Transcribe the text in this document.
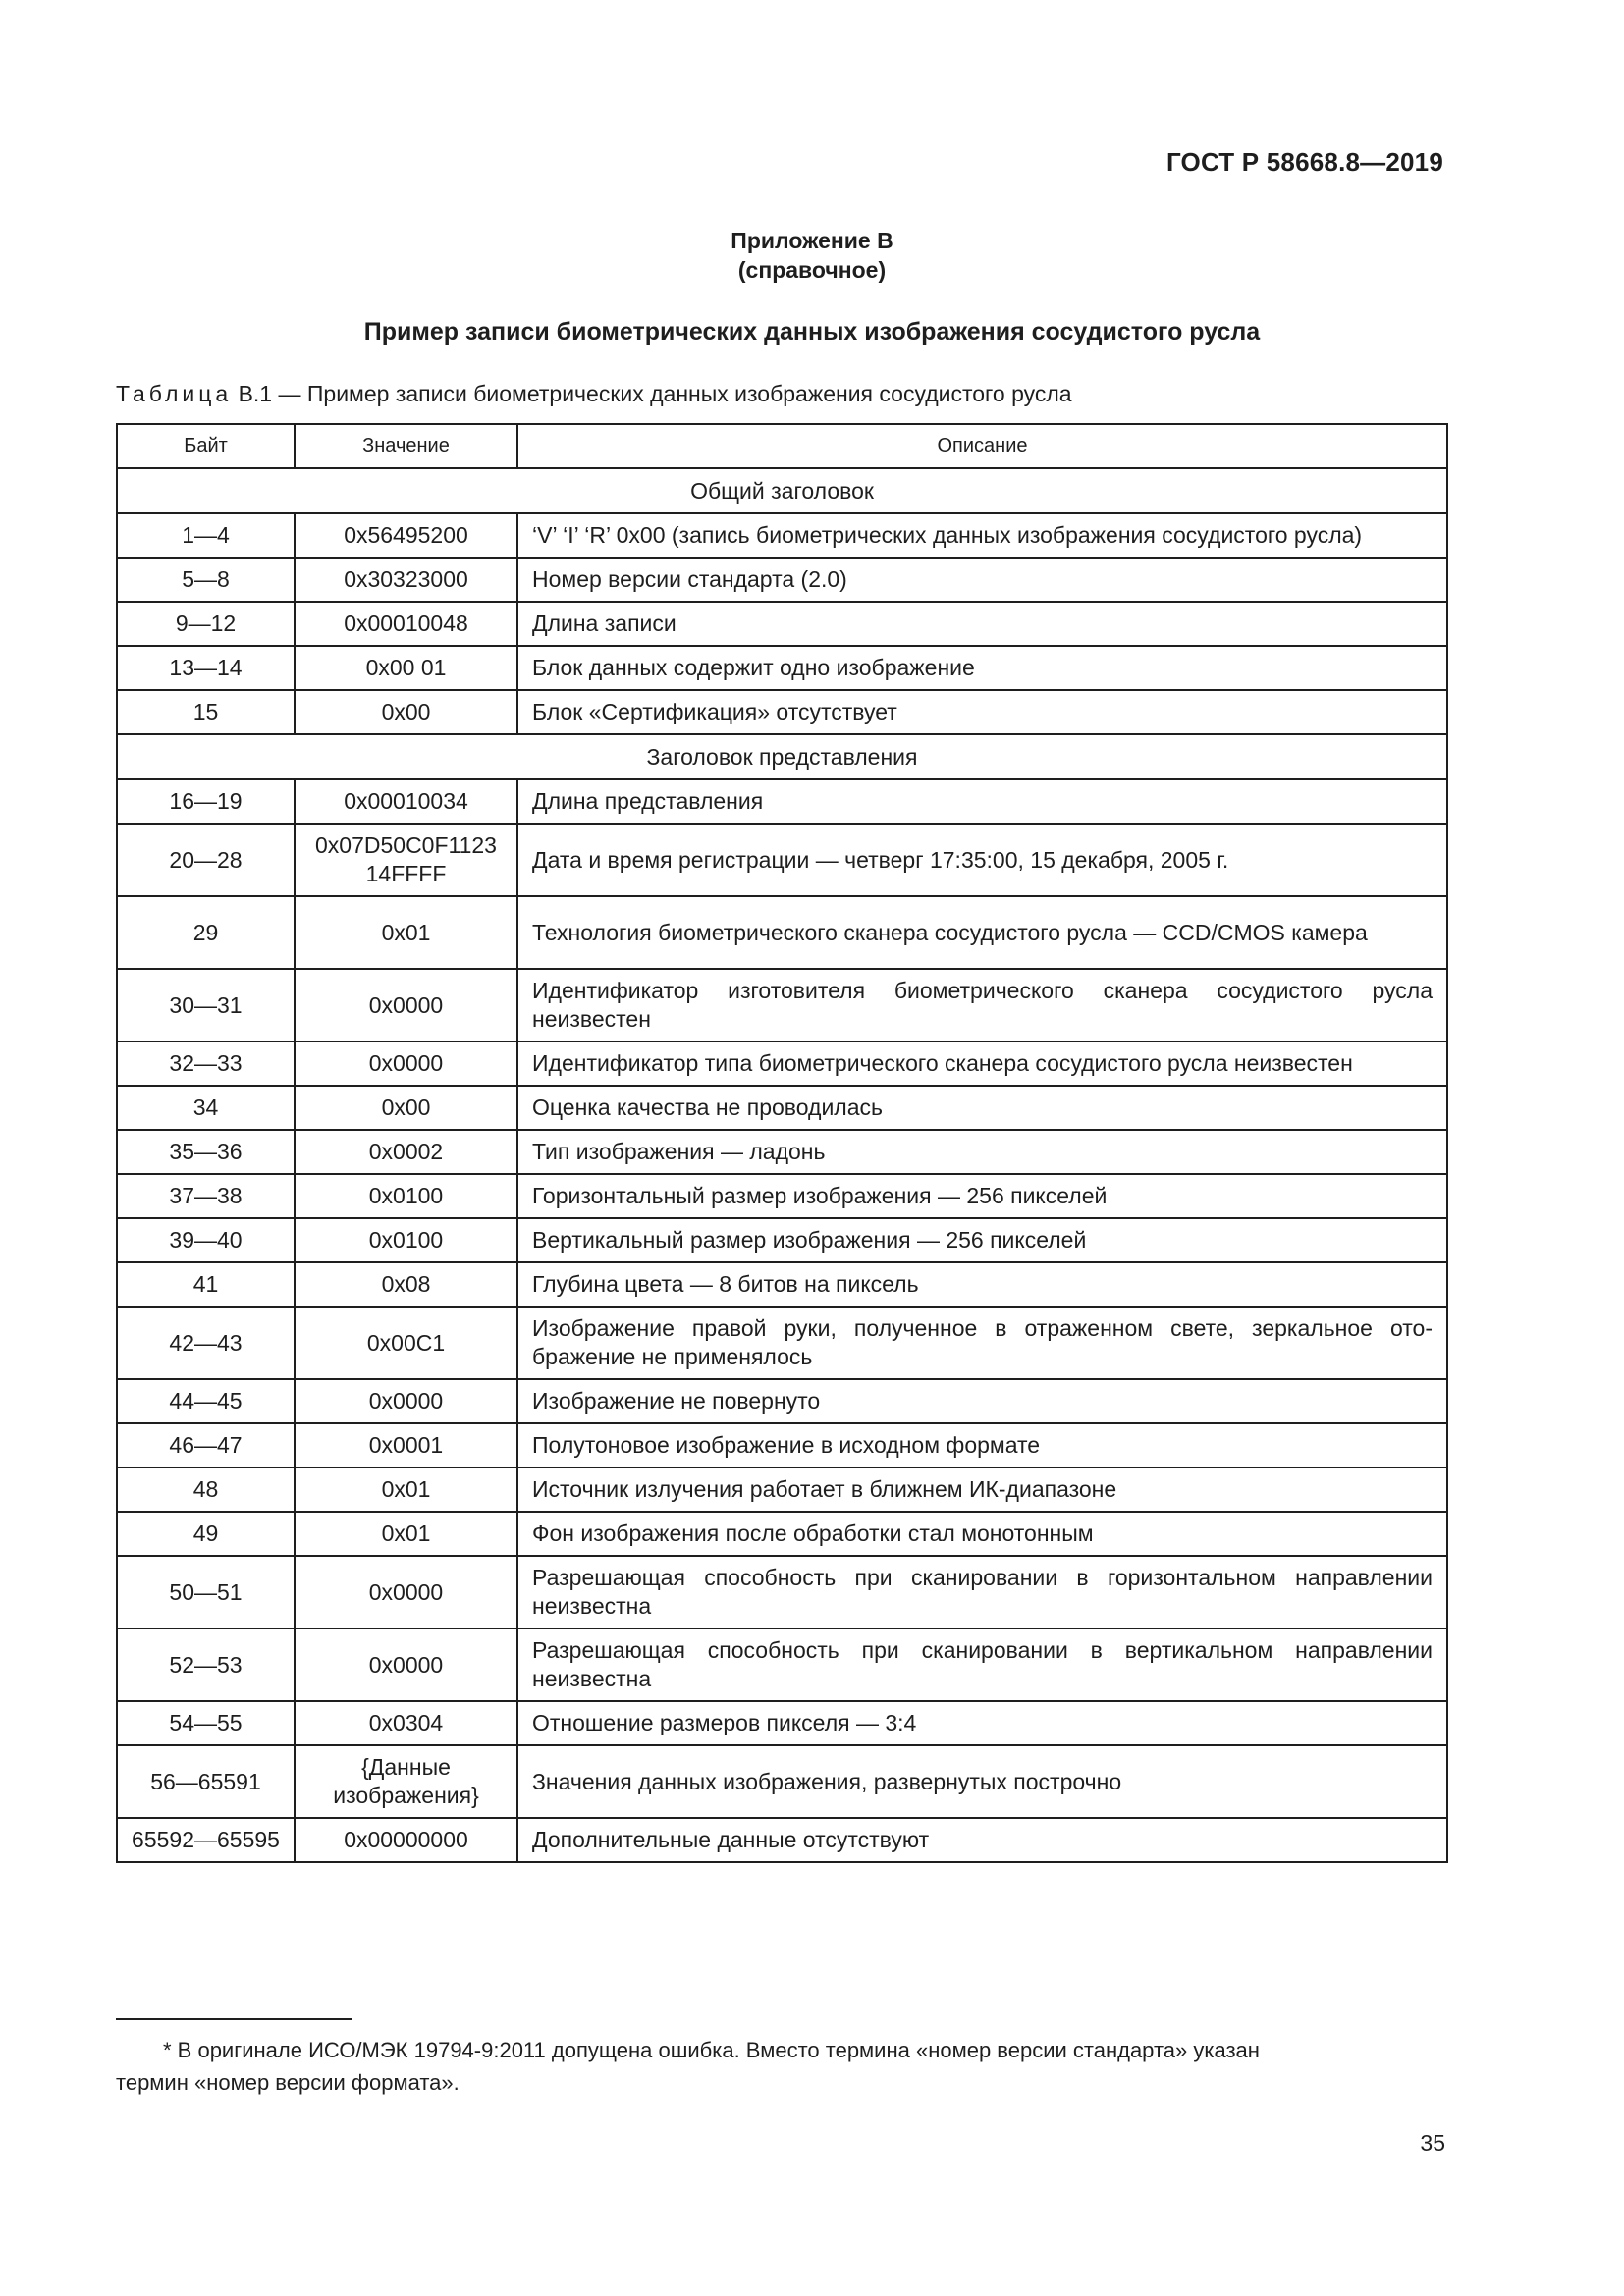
ГОСТ Р 58668.8—2019
Приложение В
(справочное)
Пример записи биометрических данных изображения сосудистого русла
Таблица В.1 — Пример записи биометрических данных изображения сосудистого русла
Байт	Значение	Описание
Общий заголовок		
1—4	0x56495200	‘V’ ‘I’ ‘R’ 0x00 (запись биометрических данных изображения сосудистого русла)
5—8	0x30323000	Номер версии стандарта (2.0)
9—12	0x00010048	Длина записи
13—14	0x00 01	Блок данных содержит одно изображение
15	0x00	Блок «Сертификация» отсутствует
Заголовок представления		
16—19	0x00010034	Длина представления
20—28	0x07D50C0F1123 14FFFF	Дата и время регистрации — четверг 17:35:00, 15 декабря, 2005 г.
29	0x01	Технология биометрического сканера сосудистого русла — CCD/CMOS камера
30—31	0x0000	Идентификатор изготовителя биометрического сканера сосудистого русла неизвестен
32—33	0x0000	Идентификатор типа биометрического сканера сосудистого русла неизвестен
34	0x00	Оценка качества не проводилась
35—36	0x0002	Тип изображения — ладонь
37—38	0x0100	Горизонтальный размер изображения — 256 пикселей
39—40	0x0100	Вертикальный размер изображения — 256 пикселей
41	0x08	Глубина цвета — 8 битов на пиксель
42—43	0x00C1	Изображение правой руки, полученное в отраженном свете, зеркальное отображение не применялось
44—45	0x0000	Изображение не повернуто
46—47	0x0001	Полутоновое изображение в исходном формате
48	0x01	Источник излучения работает в ближнем ИК-диапазоне
49	0x01	Фон изображения после обработки стал монотонным
50—51	0x0000	Разрешающая способность при сканировании в горизонтальном направлении неизвестна
52—53	0x0000	Разрешающая способность при сканировании в вертикальном направлении неизвестна
54—55	0x0304	Отношение размеров пикселя — 3:4
56—65591	{Данные изображения}	Значения данных изображения, развернутых построчно
65592—65595	0x00000000	Дополнительные данные отсутствуют
* В оригинале ИСО/МЭК 19794-9:2011 допущена ошибка. Вместо термина «номер версии стандарта» указан
термин «номер версии формата».
35
